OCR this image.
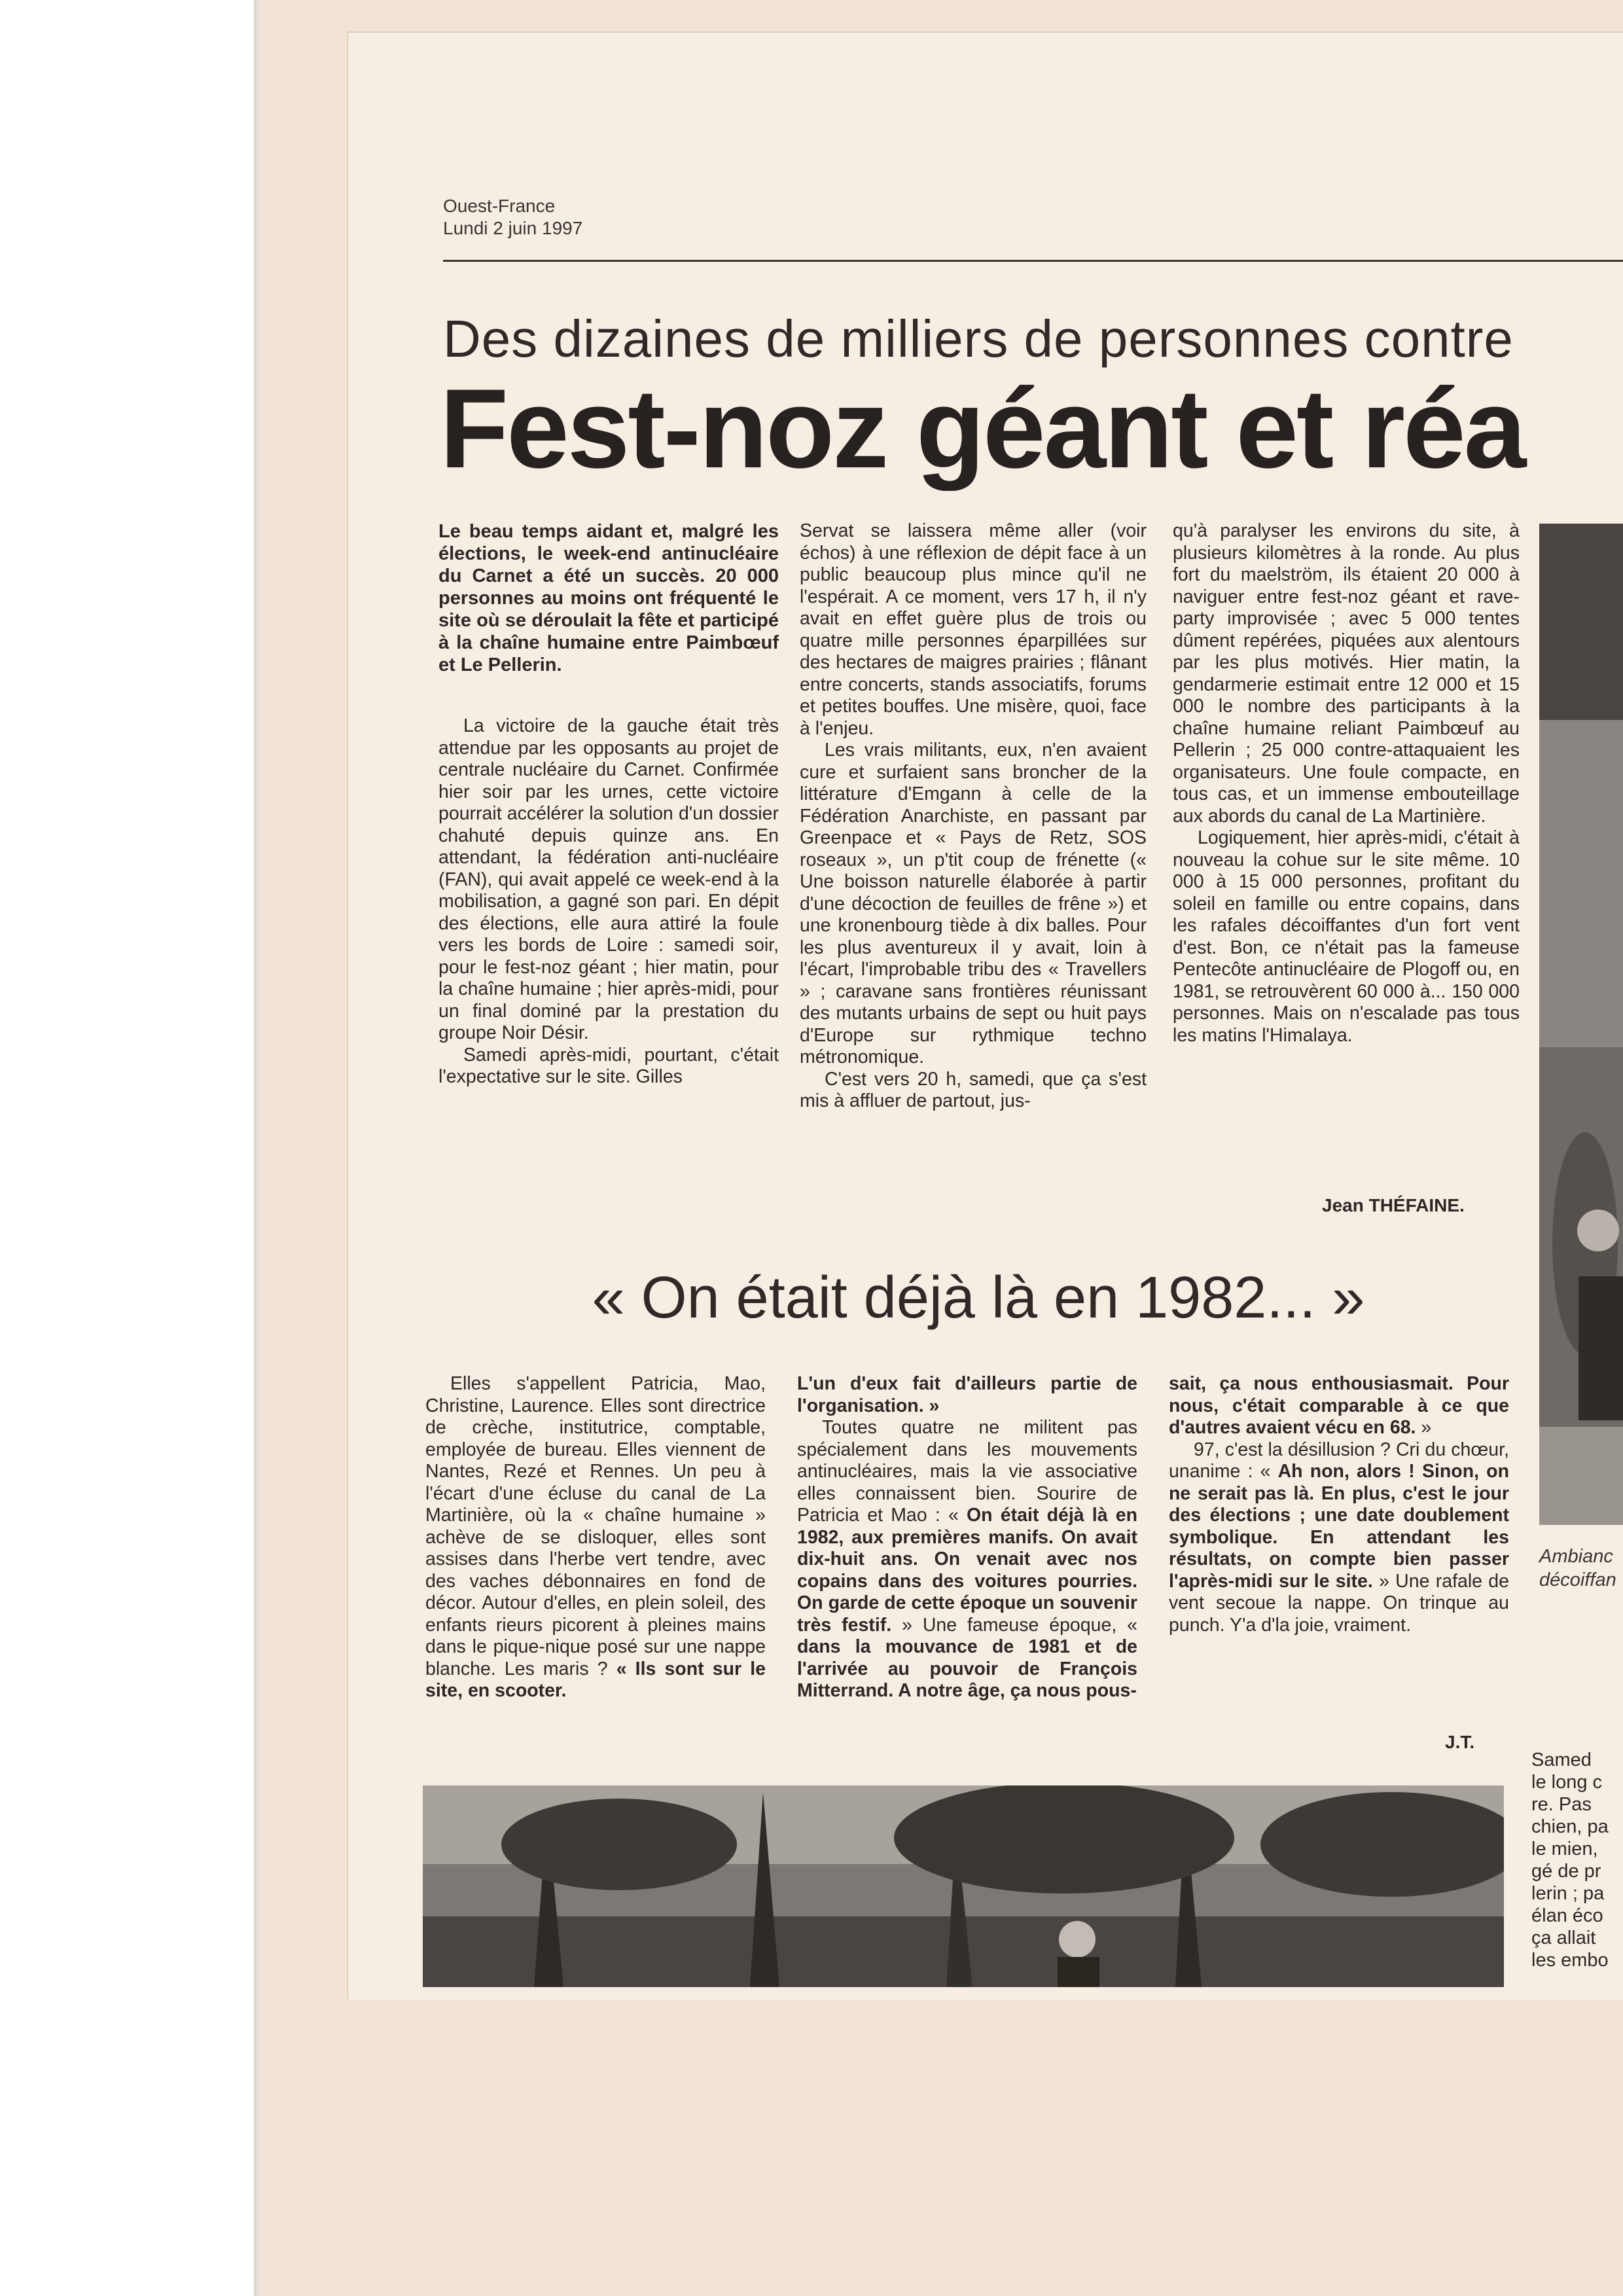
Ouest-France
Lundi 2 juin 1997
Des dizaines de milliers de personnes contre
Fest-noz géant et réa
Le beau temps aidant et, malgré les élections, le week-end antinucléaire du Carnet a été un succès. 20 000 personnes au moins ont fréquenté le site où se déroulait la fête et participé à la chaîne humaine entre Paimbœuf et Le Pellerin.

La victoire de la gauche était très attendue par les opposants au projet de centrale nucléaire du Carnet. Confirmée hier soir par les urnes, cette victoire pourrait accélérer la solution d'un dossier chahuté depuis quinze ans. En attendant, la fédération anti-nucléaire (FAN), qui avait appelé ce week-end à la mobilisation, a gagné son pari. En dépit des élections, elle aura attiré la foule vers les bords de Loire : samedi soir, pour le fest-noz géant ; hier matin, pour la chaîne humaine ; hier après-midi, pour un final dominé par la prestation du groupe Noir Désir.

Samedi après-midi, pourtant, c'était l'expectative sur le site. Gilles

Servat se laissera même aller (voir échos) à une réflexion de dépit face à un public beaucoup plus mince qu'il ne l'espérait. A ce moment, vers 17 h, il n'y avait en effet guère plus de trois ou quatre mille personnes éparpillées sur des hectares de maigres prairies ; flânant entre concerts, stands associatifs, forums et petites bouffes. Une misère, quoi, face à l'enjeu.

Les vrais militants, eux, n'en avaient cure et surfaient sans broncher de la littérature d'Emgann à celle de la Fédération Anarchiste, en passant par Greenpace et « Pays de Retz, SOS roseaux », un p'tit coup de frénette (« Une boisson naturelle élaborée à partir d'une décoction de feuilles de frêne ») et une kronenbourg tiède à dix balles. Pour les plus aventureux il y avait, loin à l'écart, l'improbable tribu des « Travellers » ; caravane sans frontières réunissant des mutants urbains de sept ou huit pays d'Europe sur rythmique techno métronomique.

C'est vers 20 h, samedi, que ça s'est mis à affluer de partout, jus-

qu'à paralyser les environs du site, à plusieurs kilomètres à la ronde. Au plus fort du maelström, ils étaient 20 000 à naviguer entre fest-noz géant et rave-party improvisée ; avec 5 000 tentes dûment repérées, piquées aux alentours par les plus motivés. Hier matin, la gendarmerie estimait entre 12 000 et 15 000 le nombre des participants à la chaîne humaine reliant Paimbœuf au Pellerin ; 25 000 contre-attaquaient les organisateurs. Une foule compacte, en tous cas, et un immense embouteillage aux abords du canal de La Martinière.

Logiquement, hier après-midi, c'était à nouveau la cohue sur le site même. 10 000 à 15 000 personnes, profitant du soleil en famille ou entre copains, dans les rafales décoiffantes d'un fort vent d'est. Bon, ce n'était pas la fameuse Pentecôte antinucléaire de Plogoff ou, en 1981, se retrouvèrent 60 000 à... 150 000 personnes. Mais on n'escalade pas tous les matins l'Himalaya.

Jean THÉFAINE.
Ambianc
décoiffan
« On était déjà là en 1982... »

Elles s'appellent Patricia, Mao, Christine, Laurence. Elles sont directrice de crèche, institutrice, comptable, employée de bureau. Elles viennent de Nantes, Rezé et Rennes. Un peu à l'écart d'une écluse du canal de La Martinière, où la « chaîne humaine » achève de se disloquer, elles sont assises dans l'herbe vert tendre, avec des vaches débonnaires en fond de décor. Autour d'elles, en plein soleil, des enfants rieurs picorent à pleines mains dans le pique-nique posé sur une nappe blanche. Les maris ? « Ils sont sur le site, en scooter.

L'un d'eux fait d'ailleurs partie de l'organisation. »

Toutes quatre ne militent pas spécialement dans les mouvements antinucléaires, mais la vie associative elles connaissent bien. Sourire de Patricia et Mao : « On était déjà là en 1982, aux premières manifs. On avait dix-huit ans. On venait avec nos copains dans des voitures pourries. On garde de cette époque un souvenir très festif. » Une fameuse époque, « dans la mouvance de 1981 et de l'arrivée au pouvoir de François Mitterrand. A notre âge, ça nous pous-

sait, ça nous enthousiasmait. Pour nous, c'était comparable à ce que d'autres avaient vécu en 68. »

97, c'est la désillusion ? Cri du chœur, unanime : « Ah non, alors ! Sinon, on ne serait pas là. En plus, c'est le jour des élections ; une date doublement symbolique. En attendant les résultats, on compte bien passer l'après-midi sur le site. » Une rafale de vent secoue la nappe. On trinque au punch. Y'a d'la joie, vraiment.

J.T.
Samed
le long c
re. Pas
chien, pa
le mien,
gé de pr
lerin ; pa
élan éco
ça allait
les embo
